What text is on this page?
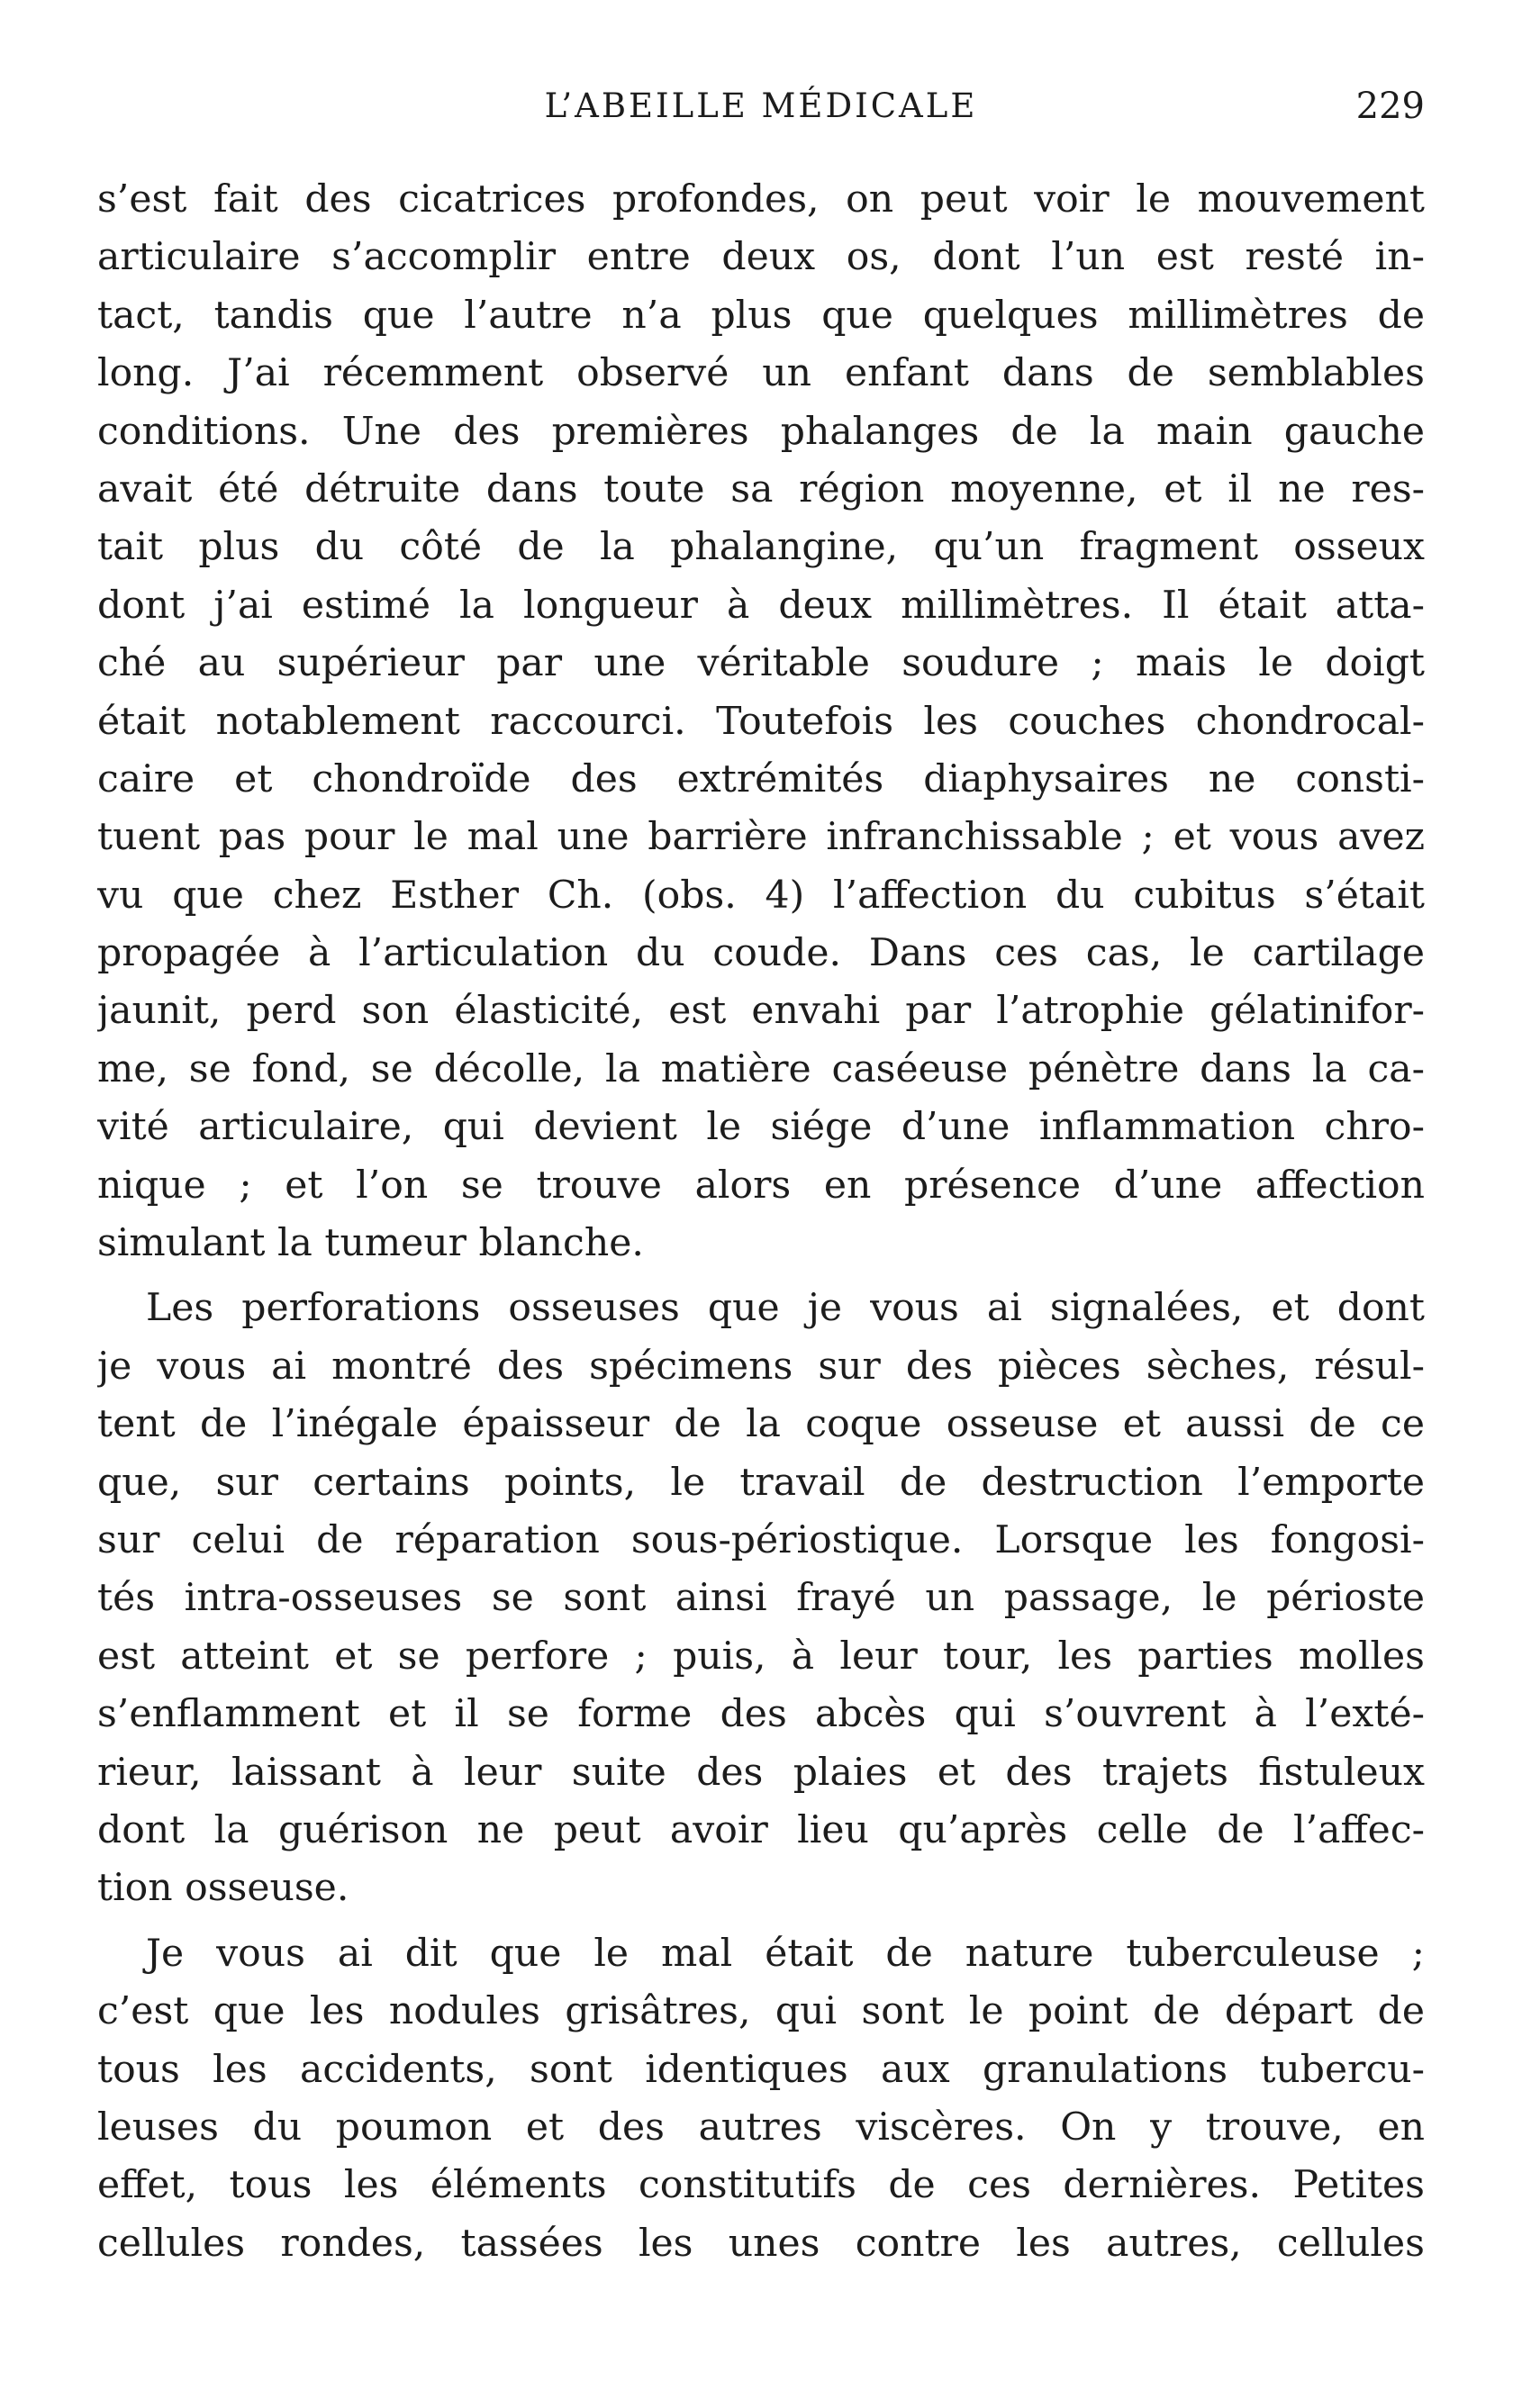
L’ABEILLE MÉDICALE	229
s’est fait des cicatrices profondes, on peut voir le mouvement
articulaire s’accomplir entre deux os, dont l’un est resté in-
tact, tandis que l’autre n’a plus que quelques millimètres de
long. J’ai récemment observé un enfant dans de semblables
conditions. Une des premières phalanges de la main gauche
avait été détruite dans toute sa région moyenne, et il ne res-
tait plus du côté de la phalangine, qu’un fragment osseux
dont j’ai estimé la longueur à deux millimètres. Il était atta-
ché au supérieur par une véritable soudure ; mais le doigt
était notablement raccourci. Toutefois les couches chondrocal-
caire et chondroïde des extrémités diaphysaires ne consti-
tuent pas pour le mal une barrière infranchissable ; et vous avez
vu que chez Esther Ch. (obs. 4) l’affection du cubitus s’était
propagée à l’articulation du coude. Dans ces cas, le cartilage
jaunit, perd son élasticité, est envahi par l’atrophie gélatinifor-
me, se fond, se décolle, la matière caséeuse pénètre dans la ca-
vité articulaire, qui devient le siége d’une inflammation chro-
nique ; et l’on se trouve alors en présence d’une affection
simulant la tumeur blanche.
Les perforations osseuses que je vous ai signalées, et dont
je vous ai montré des spécimens sur des pièces sèches, résul-
tent de l’inégale épaisseur de la coque osseuse et aussi de ce
que, sur certains points, le travail de destruction l’emporte
sur celui de réparation sous-périostique. Lorsque les fongosi-
tés intra-osseuses se sont ainsi frayé un passage, le périoste
est atteint et se perfore ; puis, à leur tour, les parties molles
s’enflamment et il se forme des abcès qui s’ouvrent à l’exté-
rieur, laissant à leur suite des plaies et des trajets fistuleux
dont la guérison ne peut avoir lieu qu’après celle de l’affec-
tion osseuse.
Je vous ai dit que le mal était de nature tuberculeuse ;
c’est que les nodules grisâtres, qui sont le point de départ de
tous les accidents, sont identiques aux granulations tubercu-
leuses du poumon et des autres viscères. On y trouve, en
effet, tous les éléments constitutifs de ces dernières. Petites
cellules rondes, tassées les unes contre les autres, cellules
